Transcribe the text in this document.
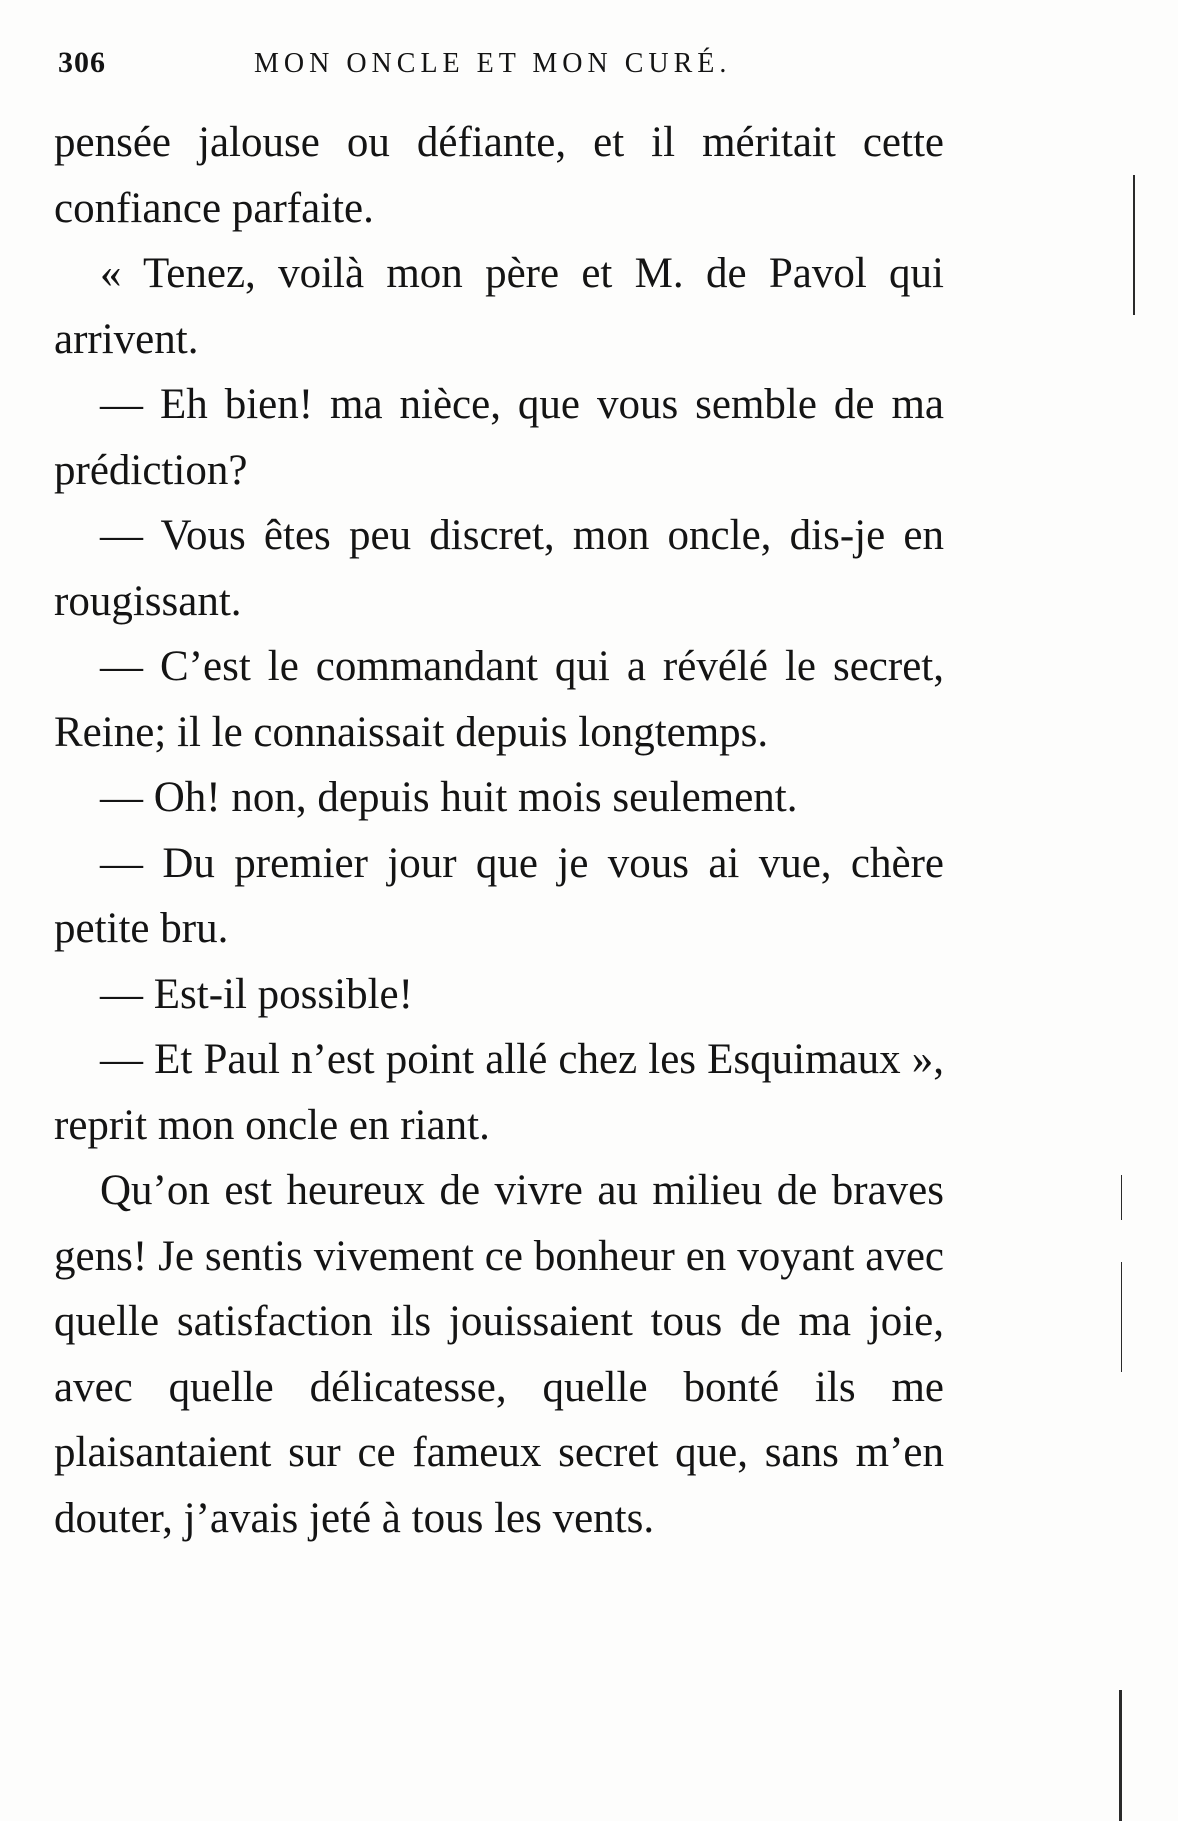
306	MON ONCLE ET MON CURÉ.

pensée jalouse ou défiante, et il méritait cette confiance parfaite.

« Tenez, voilà mon père et M. de Pavol qui arrivent.

— Eh bien! ma nièce, que vous semble de ma prédiction?

— Vous êtes peu discret, mon oncle, dis-je en rougissant.

— C’est le commandant qui a révélé le secret, Reine; il le connaissait depuis longtemps.

— Oh! non, depuis huit mois seulement.

— Du premier jour que je vous ai vue, chère petite bru.

— Est-il possible!

— Et Paul n’est point allé chez les Esquimaux », reprit mon oncle en riant.

Qu’on est heureux de vivre au milieu de braves gens! Je sentis vivement ce bonheur en voyant avec quelle satisfaction ils jouissaient tous de ma joie, avec quelle délicatesse, quelle bonté ils me plaisantaient sur ce fameux secret que, sans m’en douter, j’avais jeté à tous les vents.
